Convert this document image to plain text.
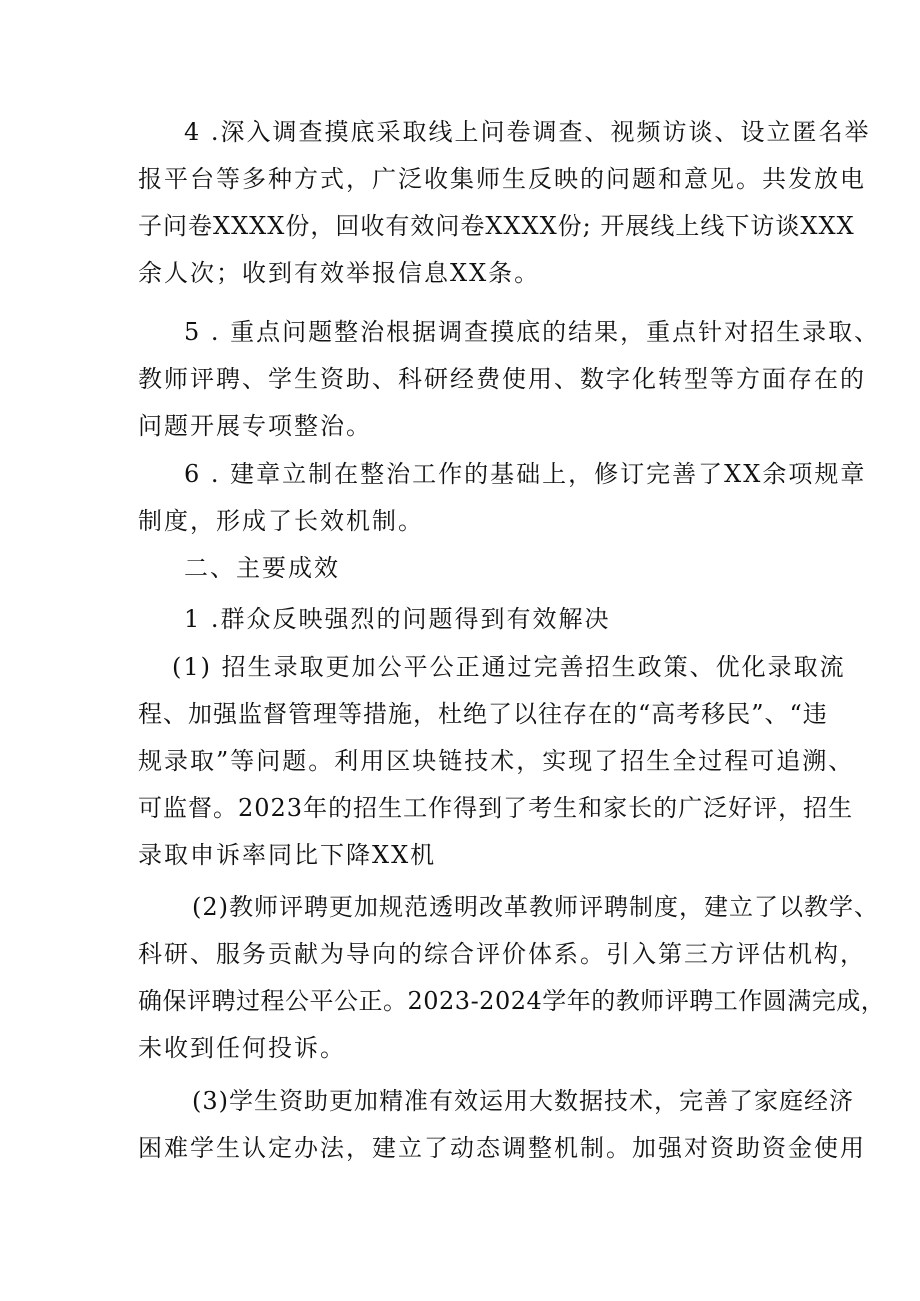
4 .深入调查摸底采取线上问卷调查、视频访谈、设立匿名举
报平台等多种方式，广泛收集师生反映的问题和意见。共发放电
子问卷XXXX份，回收有效问卷XXXX份; 开展线上线下访谈XXX
余人次；收到有效举报信息XX条。
5 . 重点问题整治根据调查摸底的结果，重点针对招生录取、
教师评聘、学生资助、科研经费使用、数字化转型等方面存在的
问题开展专项整治。
6 . 建章立制在整治工作的基础上，修订完善了XX余项规章
制度，形成了长效机制。
二、主要成效
1 .群众反映强烈的问题得到有效解决
(1) 招生录取更加公平公正通过完善招生政策、优化录取流
程、加强监督管理等措施，杜绝了以往存在的“高考移民”、“违
规录取”等问题。利用区块链技术，实现了招生全过程可追溯、
可监督。2023年的招生工作得到了考生和家长的广泛好评，招生
录取申诉率同比下降XX机
(2)教师评聘更加规范透明改革教师评聘制度，建立了以教学、
科研、服务贡献为导向的综合评价体系。引入第三方评估机构，
确保评聘过程公平公正。2023-2024学年的教师评聘工作圆满完成，
未收到任何投诉。
(3)学生资助更加精准有效运用大数据技术，完善了家庭经济
困难学生认定办法，建立了动态调整机制。加强对资助资金使用
